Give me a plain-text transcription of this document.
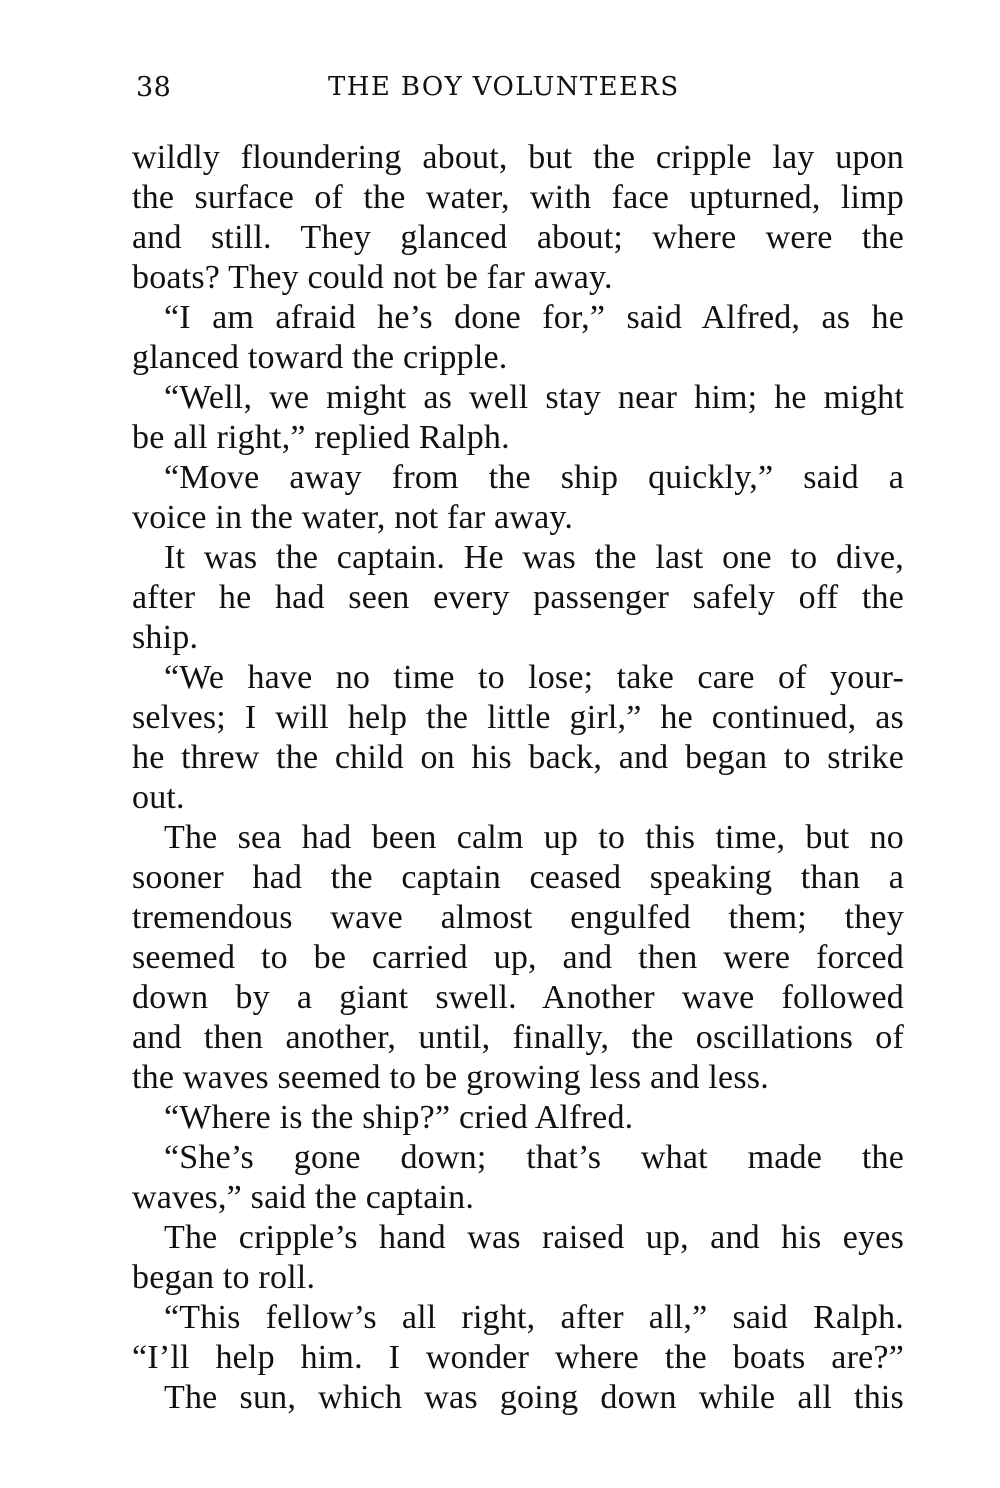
38	THE BOY VOLUNTEERS
wildly floundering about, but the cripple lay upon
the surface of the water, with face upturned, limp
and still. They glanced about; where were the
boats? They could not be far away.
“I am afraid he’s done for,” said Alfred, as he
glanced toward the cripple.
“Well, we might as well stay near him; he might
be all right,” replied Ralph.
“Move away from the ship quickly,” said a
voice in the water, not far away.
It was the captain. He was the last one to dive,
after he had seen every passenger safely off the
ship.
“We have no time to lose; take care of your-
selves; I will help the little girl,” he continued, as
he threw the child on his back, and began to strike
out.
The sea had been calm up to this time, but no
sooner had the captain ceased speaking than a
tremendous wave almost engulfed them; they
seemed to be carried up, and then were forced
down by a giant swell. Another wave followed
and then another, until, finally, the oscillations of
the waves seemed to be growing less and less.
“Where is the ship?” cried Alfred.
“She’s gone down; that’s what made the
waves,” said the captain.
The cripple’s hand was raised up, and his eyes
began to roll.
“This fellow’s all right, after all,” said Ralph.
“I’ll help him. I wonder where the boats are?”
The sun, which was going down while all this
